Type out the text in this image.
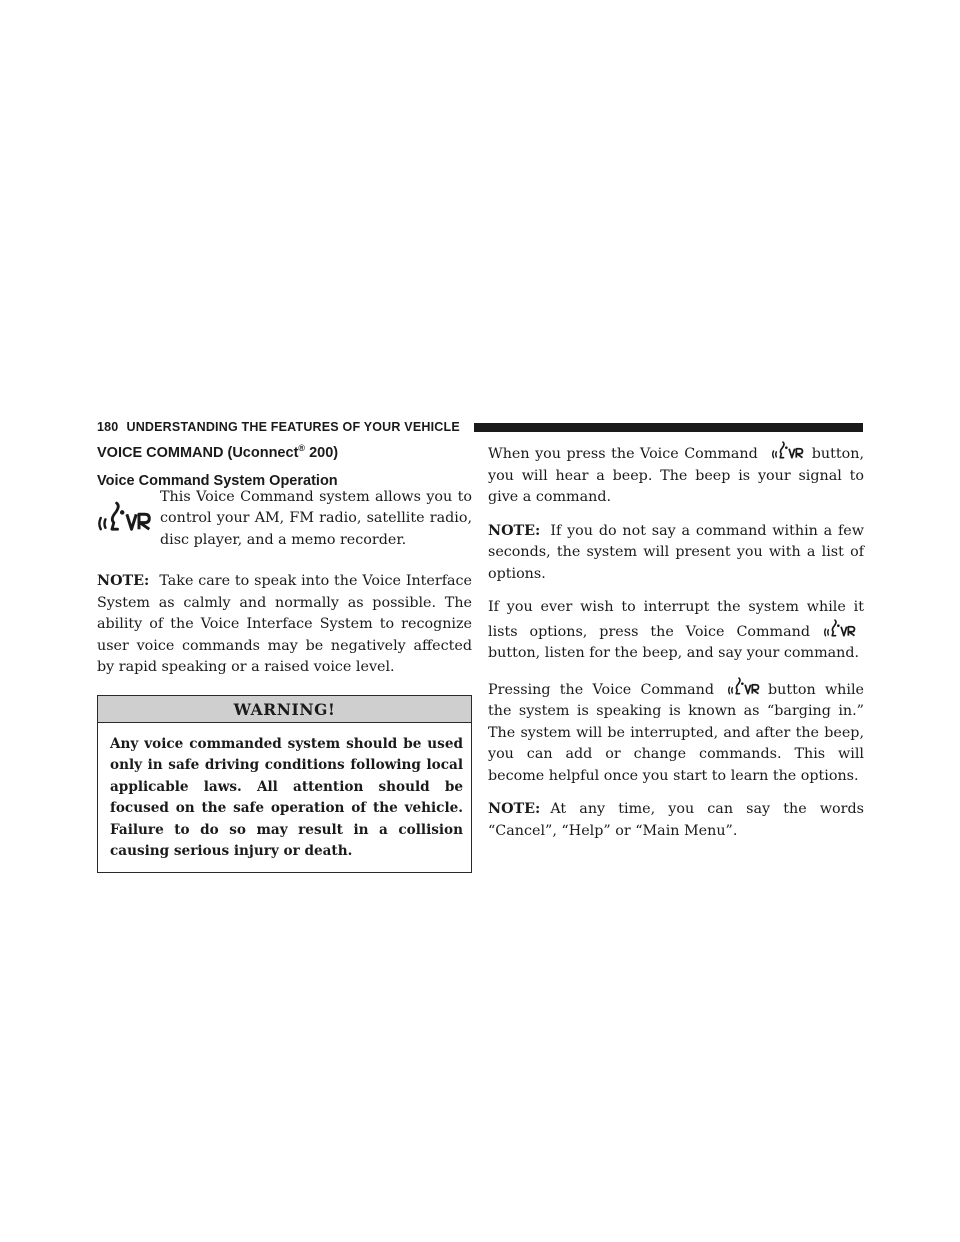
180 UNDERSTANDING THE FEATURES OF YOUR VEHICLE
VOICE COMMAND (Uconnect® 200)
Voice Command System Operation

This Voice Command system allows you to control your AM, FM radio, satellite radio, disc player, and a memo recorder.

NOTE: Take care to speak into the Voice Interface System as calmly and normally as possible. The ability of the Voice Interface System to recognize user voice commands may be negatively affected by rapid speaking or a raised voice level.

WARNING!
Any voice commanded system should be used only in safe driving conditions following local applicable laws. All attention should be focused on the safe operation of the vehicle. Failure to do so may result in a collision causing serious injury or death.

When you press the Voice Command	button, you will hear a beep. The beep is your signal to give a command.

NOTE: If you do not say a command within a few seconds, the system will present you with a list of options.

If you ever wish to interrupt the system while it lists options, press the Voice Commandbutton, listen for the beep, and say your command.

Pressing the Voice Command	button while the system is speaking is known as “barging in.” The system will be interrupted, and after the beep, you can add or change commands. This will become helpful once you start to learn the options.

NOTE: At any time, you can say the words “Cancel”, “Help” or “Main Menu”.
